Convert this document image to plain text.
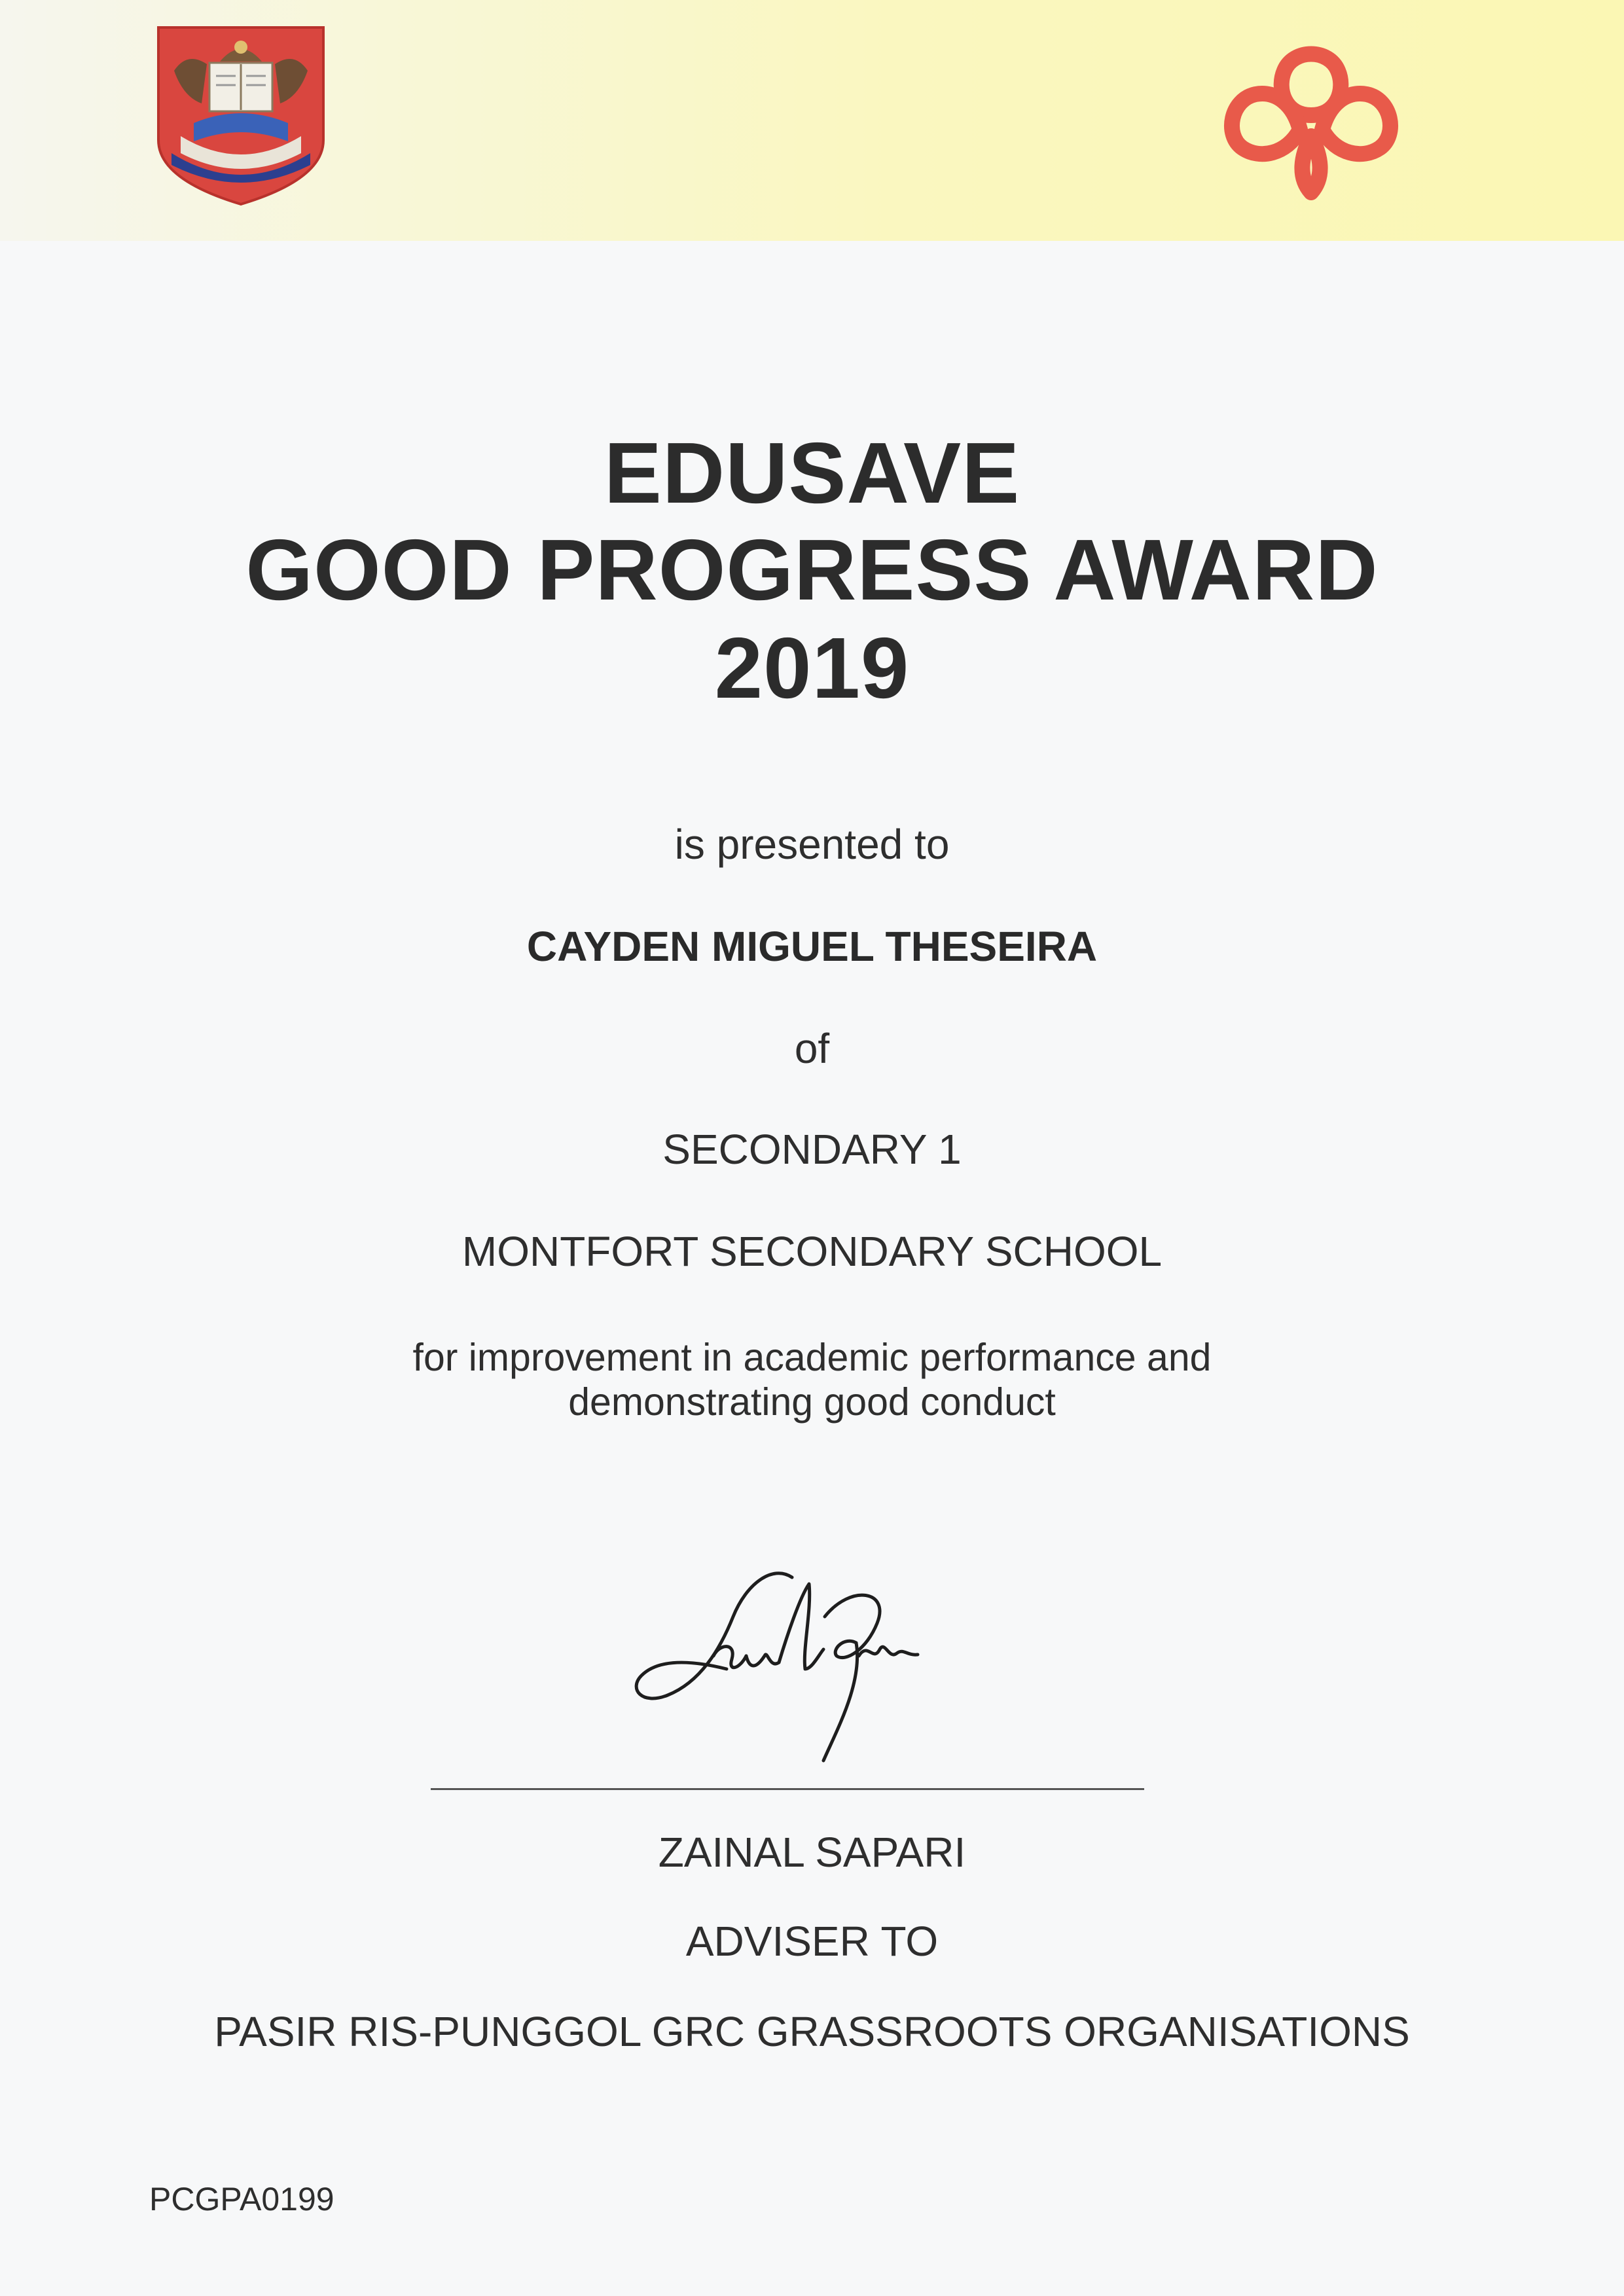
EDUSAVE
GOOD PROGRESS AWARD
2019
is presented to
CAYDEN MIGUEL THESEIRA
of
SECONDARY 1
MONTFORT SECONDARY SCHOOL
for improvement in academic performance and
demonstrating good conduct
ZAINAL SAPARI
ADVISER TO
PASIR RIS-PUNGGOL GRC GRASSROOTS ORGANISATIONS
PCGPA0199
